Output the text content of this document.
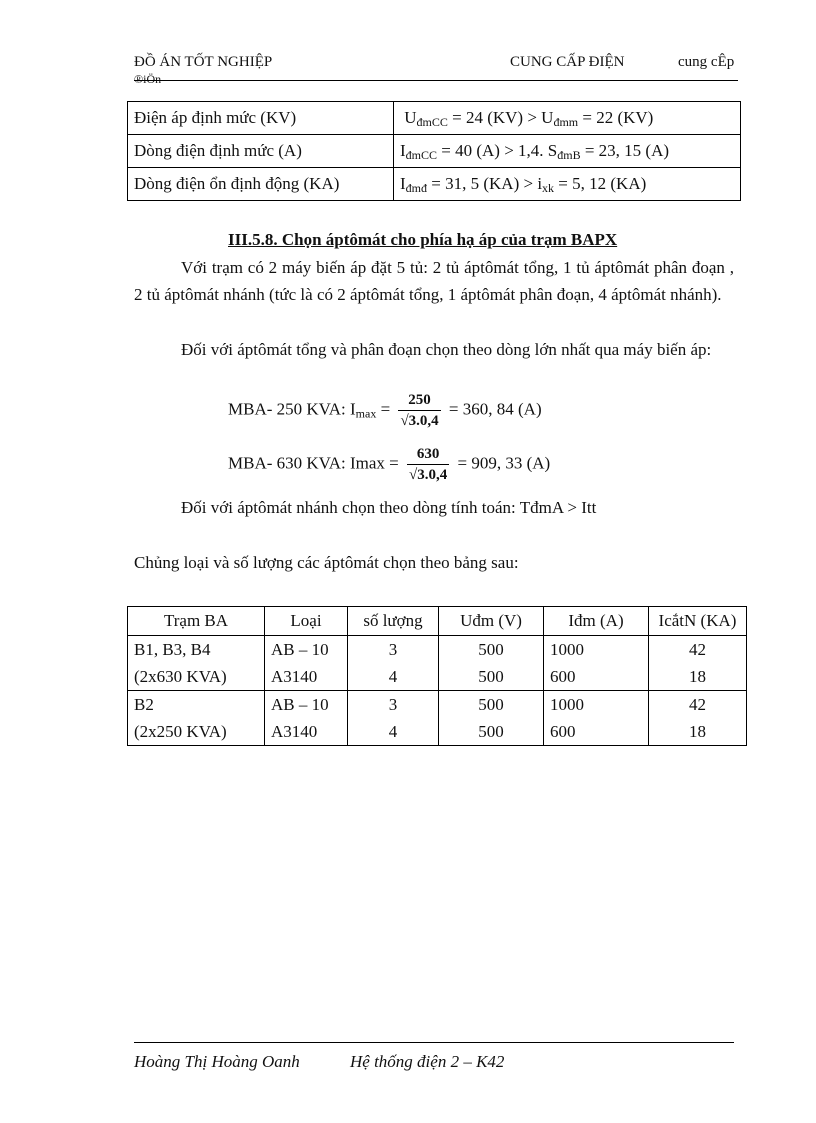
ĐỒ ÁN TỐT NGHIỆP
®iÖn
CUNG CẤP ĐIỆN	cung cÊp
Điện áp định mức (KV)	$U_{đmCC} = 24$ $(KV) > U_{đmm} = 22$ (KV)
Dòng điện định mức (A)	$I_{đmCC} = 40$ (A) > 1,4. $S_{đmB} = 23$, 15 (A)
Dòng điện ổn định động (KA)	$I_{đmđ} = 31$, 5 $(KA) > i_{xk} = 5$, 12 (KA)
III.5.8. Chọn áptômát cho phía hạ áp của trạm BAPX
Với trạm có 2 máy biến áp đặt 5 tủ: 2 tủ áptômát tổng, 1 tủ áptômát phân đoạn , 2 tủ áptômát nhánh (tức là có 2 áptômát tổng, 1 áptômát phân đoạn, 4 áptômát nhánh).
Đối với áptômát tổng và phân đoạn chọn theo dòng lớn nhất qua máy biến áp:
MBA- 250 KVA: $I_{max} = \frac{250}{√3.0,4} = 360$, 84 (A)
MBA- 630 KVA: $Imax = \frac{630}{√3.0,4} = 909$, 33 (A)
Đối với áptômát nhánh chọn theo dòng tính toán: TđmA > Itt
Chủng loại và số lượng các áptômát chọn theo bảng sau:
Trạm BA	Loại	số lượng	Uđm (V)	Iđm (A)	IcắtN (KA)
B1, B3, B4	AB – 10	3	500	1000	42
(2x630 KVA)	A3140	4	500	600	18
B2	AB – 10	3	500	1000	42
(2x250 KVA)	A3140	4	500	600	18
Hoàng Thị Hoàng Oanh	Hệ thống điện 2 – K42
